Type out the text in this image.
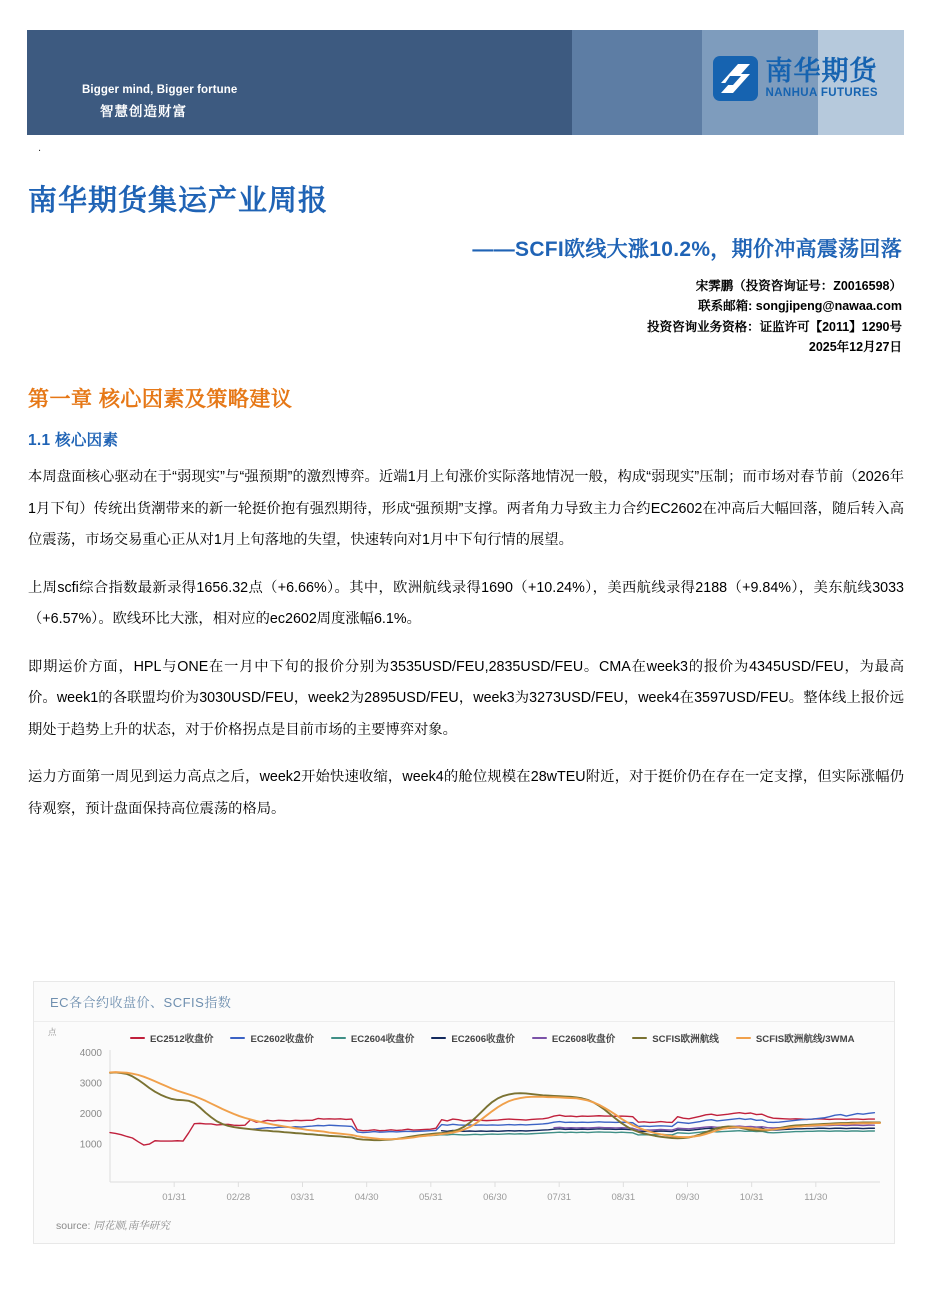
Bigger mind, Bigger fortune
智慧创造财富
南华期货
NANHUA FUTURES
.
南华期货集运产业周报
——SCFI欧线大涨10.2%，期价冲高震荡回落
宋霁鹏（投资咨询证号：Z0016598）
联系邮箱: songjipeng@nawaa.com
投资咨询业务资格：证监许可【2011】1290号
2025年12月27日
第一章 核心因素及策略建议
1.1 核心因素

本周盘面核心驱动在于“弱现实”与“强预期”的激烈博弈。近端1月上旬涨价实际落地情况一般，构成“弱现实”压制；而市场对春节前（2026年1月下旬）传统出货潮带来的新一轮挺价抱有强烈期待，形成“强预期”支撑。两者角力导致主力合约EC2602在冲高后大幅回落，随后转入高位震荡，市场交易重心正从对1月上旬落地的失望，快速转向对1月中下旬行情的展望。

上周scfi综合指数最新录得1656.32点（+6.66%）。其中，欧洲航线录得1690（+10.24%），美西航线录得2188（+9.84%），美东航线3033（+6.57%）。欧线环比大涨，相对应的ec2602周度涨幅6.1%。

即期运价方面，HPL与ONE在一月中下旬的报价分别为3535USD/FEU,2835USD/FEU。CMA在week3的报价为4345USD/FEU，为最高价。week1的各联盟均价为3030USD/FEU，week2为2895USD/FEU，week3为3273USD/FEU，week4在3597USD/FEU。整体线上报价远期处于趋势上升的状态，对于价格拐点是目前市场的主要博弈对象。

运力方面第一周见到运力高点之后，week2开始快速收缩，week4的舱位规模在28wTEU附近，对于挺价仍在存在一定支撑，但实际涨幅仍待观察，预计盘面保持高位震荡的格局。

EC各合约收盘价、SCFIS指数
点
EC2512收盘价	EC2602收盘价	EC2604收盘价	EC2606收盘价	EC2608收盘价	SCFIS欧洲航线	SCFIS欧洲航线/3WMA
1000
2000
3000
4000
01/31	02/28	03/31	04/30	05/31	06/30	07/31	08/31	09/30	10/31	11/30
source: 同花顺,南华研究
